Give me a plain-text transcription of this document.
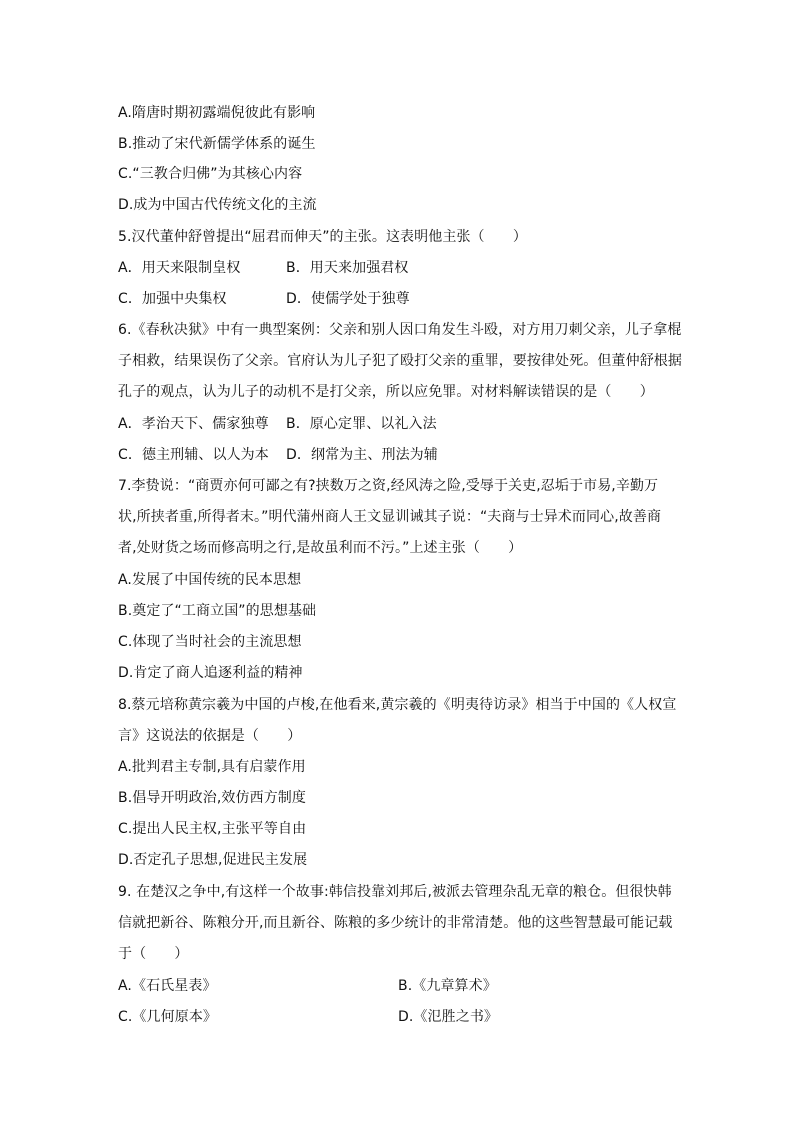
A.隋唐时期初露端倪彼此有影响
B.推动了宋代新儒学体系的诞生
C.“三教合归佛”为其核心内容
D.成为中国古代传统文化的主流
5.汉代董仲舒曾提出“屈君而伸天”的主张。这表明他主张（　　）
A．用天来限制皇权	B．用天来加强君权
C．加强中央集权	D．使儒学处于独尊
6.《春秋决狱》中有一典型案例：父亲和别人因口角发生斗殴，对方用刀刺父亲，儿子拿棍
子相救，结果误伤了父亲。官府认为儿子犯了殴打父亲的重罪，要按律处死。但董仲舒根据
孔子的观点，认为儿子的动机不是打父亲，所以应免罪。对材料解读错误的是（　　）
A．孝治天下、儒家独尊 B．原心定罪、以礼入法
C．德主刑辅、以人为本 D．纲常为主、刑法为辅
7.李贽说：“商贾亦何可鄙之有?挟数万之资,经风涛之险,受辱于关吏,忍垢于市易,辛勤万
状,所挟者重,所得者末。”明代蒲州商人王文显训诫其子说：“夫商与士异术而同心,故善商
者,处财货之场而修高明之行,是故虽利而不污。”上述主张（　　）
A.发展了中国传统的民本思想
B.奠定了“工商立国”的思想基础
C.体现了当时社会的主流思想
D.肯定了商人追逐利益的精神
8.蔡元培称黄宗羲为中国的卢梭,在他看来,黄宗羲的《明夷待访录》相当于中国的《人权宣
言》这说法的依据是（　　）
A.批判君主专制,具有启蒙作用
B.倡导开明政治,效仿西方制度
C.提出人民主权,主张平等自由
D.否定孔子思想,促进民主发展
9. 在楚汉之争中,有这样一个故事:韩信投靠刘邦后,被派去管理杂乱无章的粮仓。但很快韩
信就把新谷、陈粮分开,而且新谷、陈粮的多少统计的非常清楚。他的这些智慧最可能记载
于（　　）
A.《石氏星表》	B.《九章算术》
C.《几何原本》	D.《氾胜之书》
